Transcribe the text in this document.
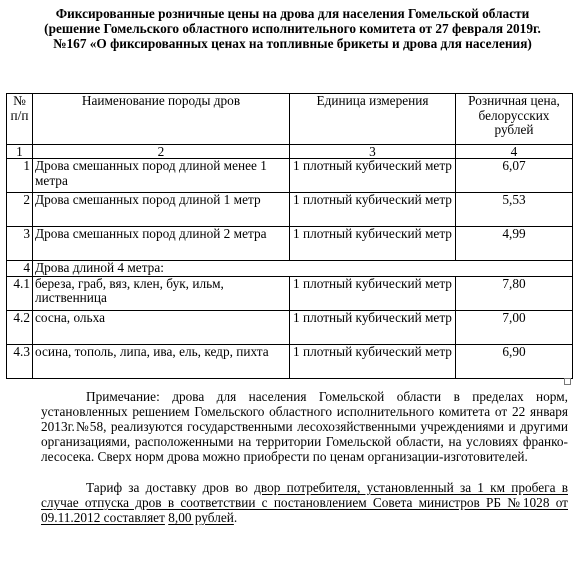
Фиксированные розничные цены на дрова для населения Гомельской области
(решение Гомельского областного исполнительного комитета от 27 февраля 2019г.
№167 «О фиксированных ценах на топливные брикеты и дрова для населения)
№ п/п	Наименование породы дров	Единица измерения	Розничная цена, белорусских рублей
1	2	3	4
1	Дрова смешанных пород длиной менее 1 метра	1 плотный кубический метр	6,07
2	Дрова смешанных пород длиной 1 метр	1 плотный кубический метр	5,53
3	Дрова смешанных пород длиной 2 метра	1 плотный кубический метр	4,99
4	Дрова длиной 4 метра:		
4.1	береза, граб, вяз, клен, бук, ильм, лиственница	1 плотный кубический метр	7,80
4.2	сосна, ольха	1 плотный кубический метр	7,00
4.3	осина, тополь, липа, ива, ель, кедр, пихта	1 плотный кубический метр	6,90

Примечание: дрова для населения Гомельской области в пределах норм, установленных решением Гомельского областного исполнительного комитета от 22 января 2013г.№58, реализуются государственными лесохозяйственными учреждениями и другими организациями, расположенными на территории Гомельской области, на условиях франко-лесосека. Сверх норм дрова можно приобрести по ценам организации-изготовителей.

Тариф за доставку дров во двор потребителя, установленный за 1 км пробега в случае отпуска дров в соответствии с постановлением Совета министров РБ №1028 от 09.11.2012 составляет 8,00 рублей.
